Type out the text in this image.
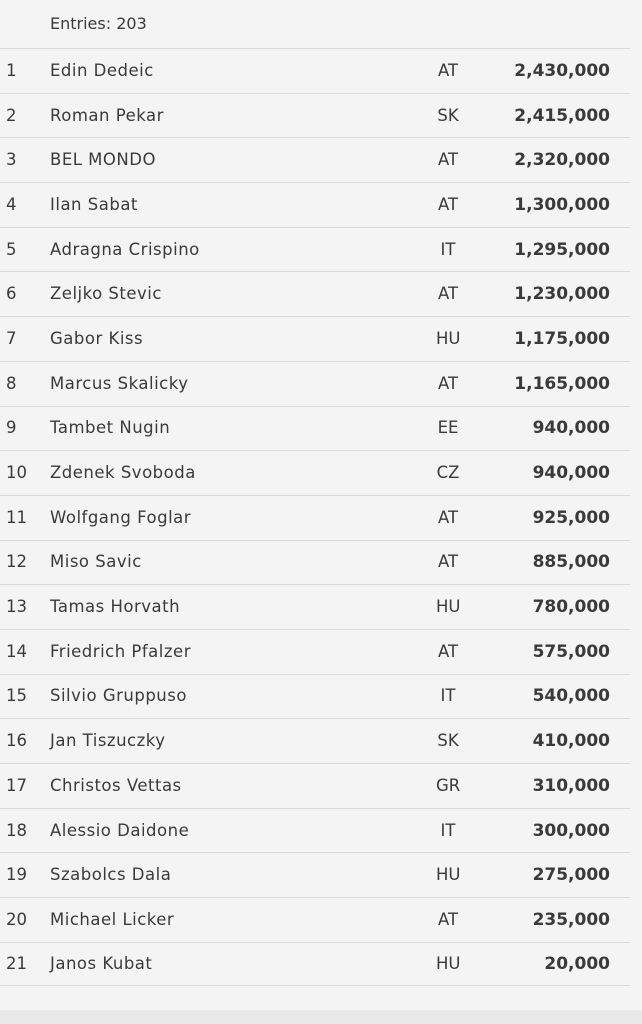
Entries: 203
1 Edin Dedeic	AT	2,430,000
2 Roman Pekar	SK	2,415,000
3 BEL MONDO	AT	2,320,000
4 Ilan Sabat	AT	1,300,000
5 Adragna Crispino	IT	1,295,000
6 Zeljko Stevic	AT	1,230,000
7 Gabor Kiss	HU	1,175,000
8 Marcus Skalicky	AT	1,165,000
9 Tambet Nugin	EE	940,000
10 Zdenek Svoboda	CZ	940,000
11 Wolfgang Foglar	AT	925,000
12 Miso Savic	AT	885,000
13 Tamas Horvath	HU	780,000
14 Friedrich Pfalzer	AT	575,000
15 Silvio Gruppuso	IT	540,000
16 Jan Tiszuczky	SK	410,000
17 Christos Vettas	GR	310,000
18 Alessio Daidone	IT	300,000
19 Szabolcs Dala	HU	275,000
20 Michael Licker	AT	235,000
21 Janos Kubat	HU	20,000
